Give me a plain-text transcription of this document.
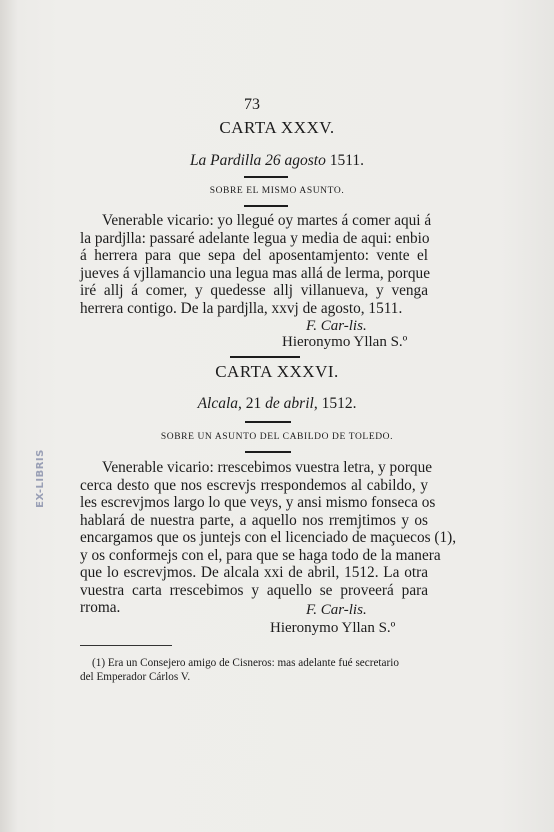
EX-LIBRIS
73
CARTA XXXV.
La Pardilla 26 agosto 1511.
SOBRE EL MISMO ASUNTO.
Venerable vicario: yo llegué oy martes á comer aqui á
la pardjlla: passaré adelante legua y media de aqui: enbio
á herrera para que sepa del aposentamjento: vente el
jueves á vjllamancio una legua mas allá de lerma, porque
iré allj á comer, y quedesse allj villanueva, y venga
herrera contigo. De la pardjlla, xxvj de agosto, 1511.
F. Car-lis.
Hieronymo Yllan S.º
CARTA XXXVI.
Alcala, 21 de abril, 1512.
SOBRE UN ASUNTO DEL CABILDO DE TOLEDO.
Venerable vicario: rrescebimos vuestra letra, y porque
cerca desto que nos escrevjs rrespondemos al cabildo, y
les escrevjmos largo lo que veys, y ansi mismo fonseca os
hablará de nuestra parte, a aquello nos rremjtimos y os
encargamos que os juntejs con el licenciado de maçuecos (1),
y os conformejs con el, para que se haga todo de la manera
que lo escrevjmos. De alcala xxi de abril, 1512. La otra
vuestra carta rrescebimos y aquello se proveerá para
rroma.	F. Car-lis.
Hieronymo Yllan S.º
(1) Era un Consejero amigo de Cisneros: mas adelante fué secretario
del Emperador Cárlos V.
